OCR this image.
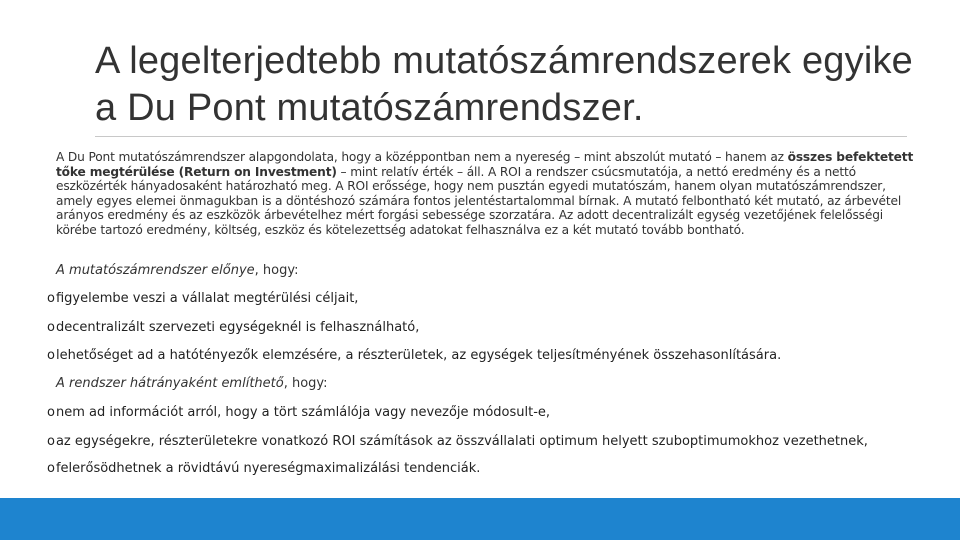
A legelterjedtebb mutatószámrendszerek egyike a Du Pont mutatószámrendszer.
A Du Pont mutatószámrendszer alapgondolata, hogy a középpontban nem a nyereség – mint abszolút mutató – hanem az összes befektetett tőke megtérülése (Return on Investment) – mint relatív érték – áll. A ROI a rendszer csúcsmutatója, a nettó eredmény és a nettó eszközérték hányadosaként határozható meg. A ROI erőssége, hogy nem pusztán egyedi mutatószám, hanem olyan mutatószámrendszer, amely egyes elemei önmagukban is a döntéshozó számára fontos jelentéstartalommal bírnak. A mutató felbontható két mutató, az árbevétel arányos eredmény és az eszközök árbevételhez mért forgási sebessége szorzatára. Az adott decentralizált egység vezetőjének felelősségi körébe tartozó eredmény, költség, eszköz és kötelezettség adatokat felhasználva ez a két mutató tovább bontható.
A mutatószámrendszer előnye, hogy:
ofigyelembe veszi a vállalat megtérülési céljait,
odecentralizált szervezeti egységeknél is felhasználható,
olehetőséget ad a hatótényezők elemzésére, a részterületek, az egységek teljesítményének összehasonlítására.
A rendszer hátrányaként említhető, hogy:
onem ad információt arról, hogy a tört számlálója vagy nevezője módosult-e,
oaz egységekre, részterületekre vonatkozó ROI számítások az összvállalati optimum helyett szuboptimumokhoz vezethetnek,
ofelerősödhetnek a rövidtávú nyereségmaximalizálási tendenciák.
